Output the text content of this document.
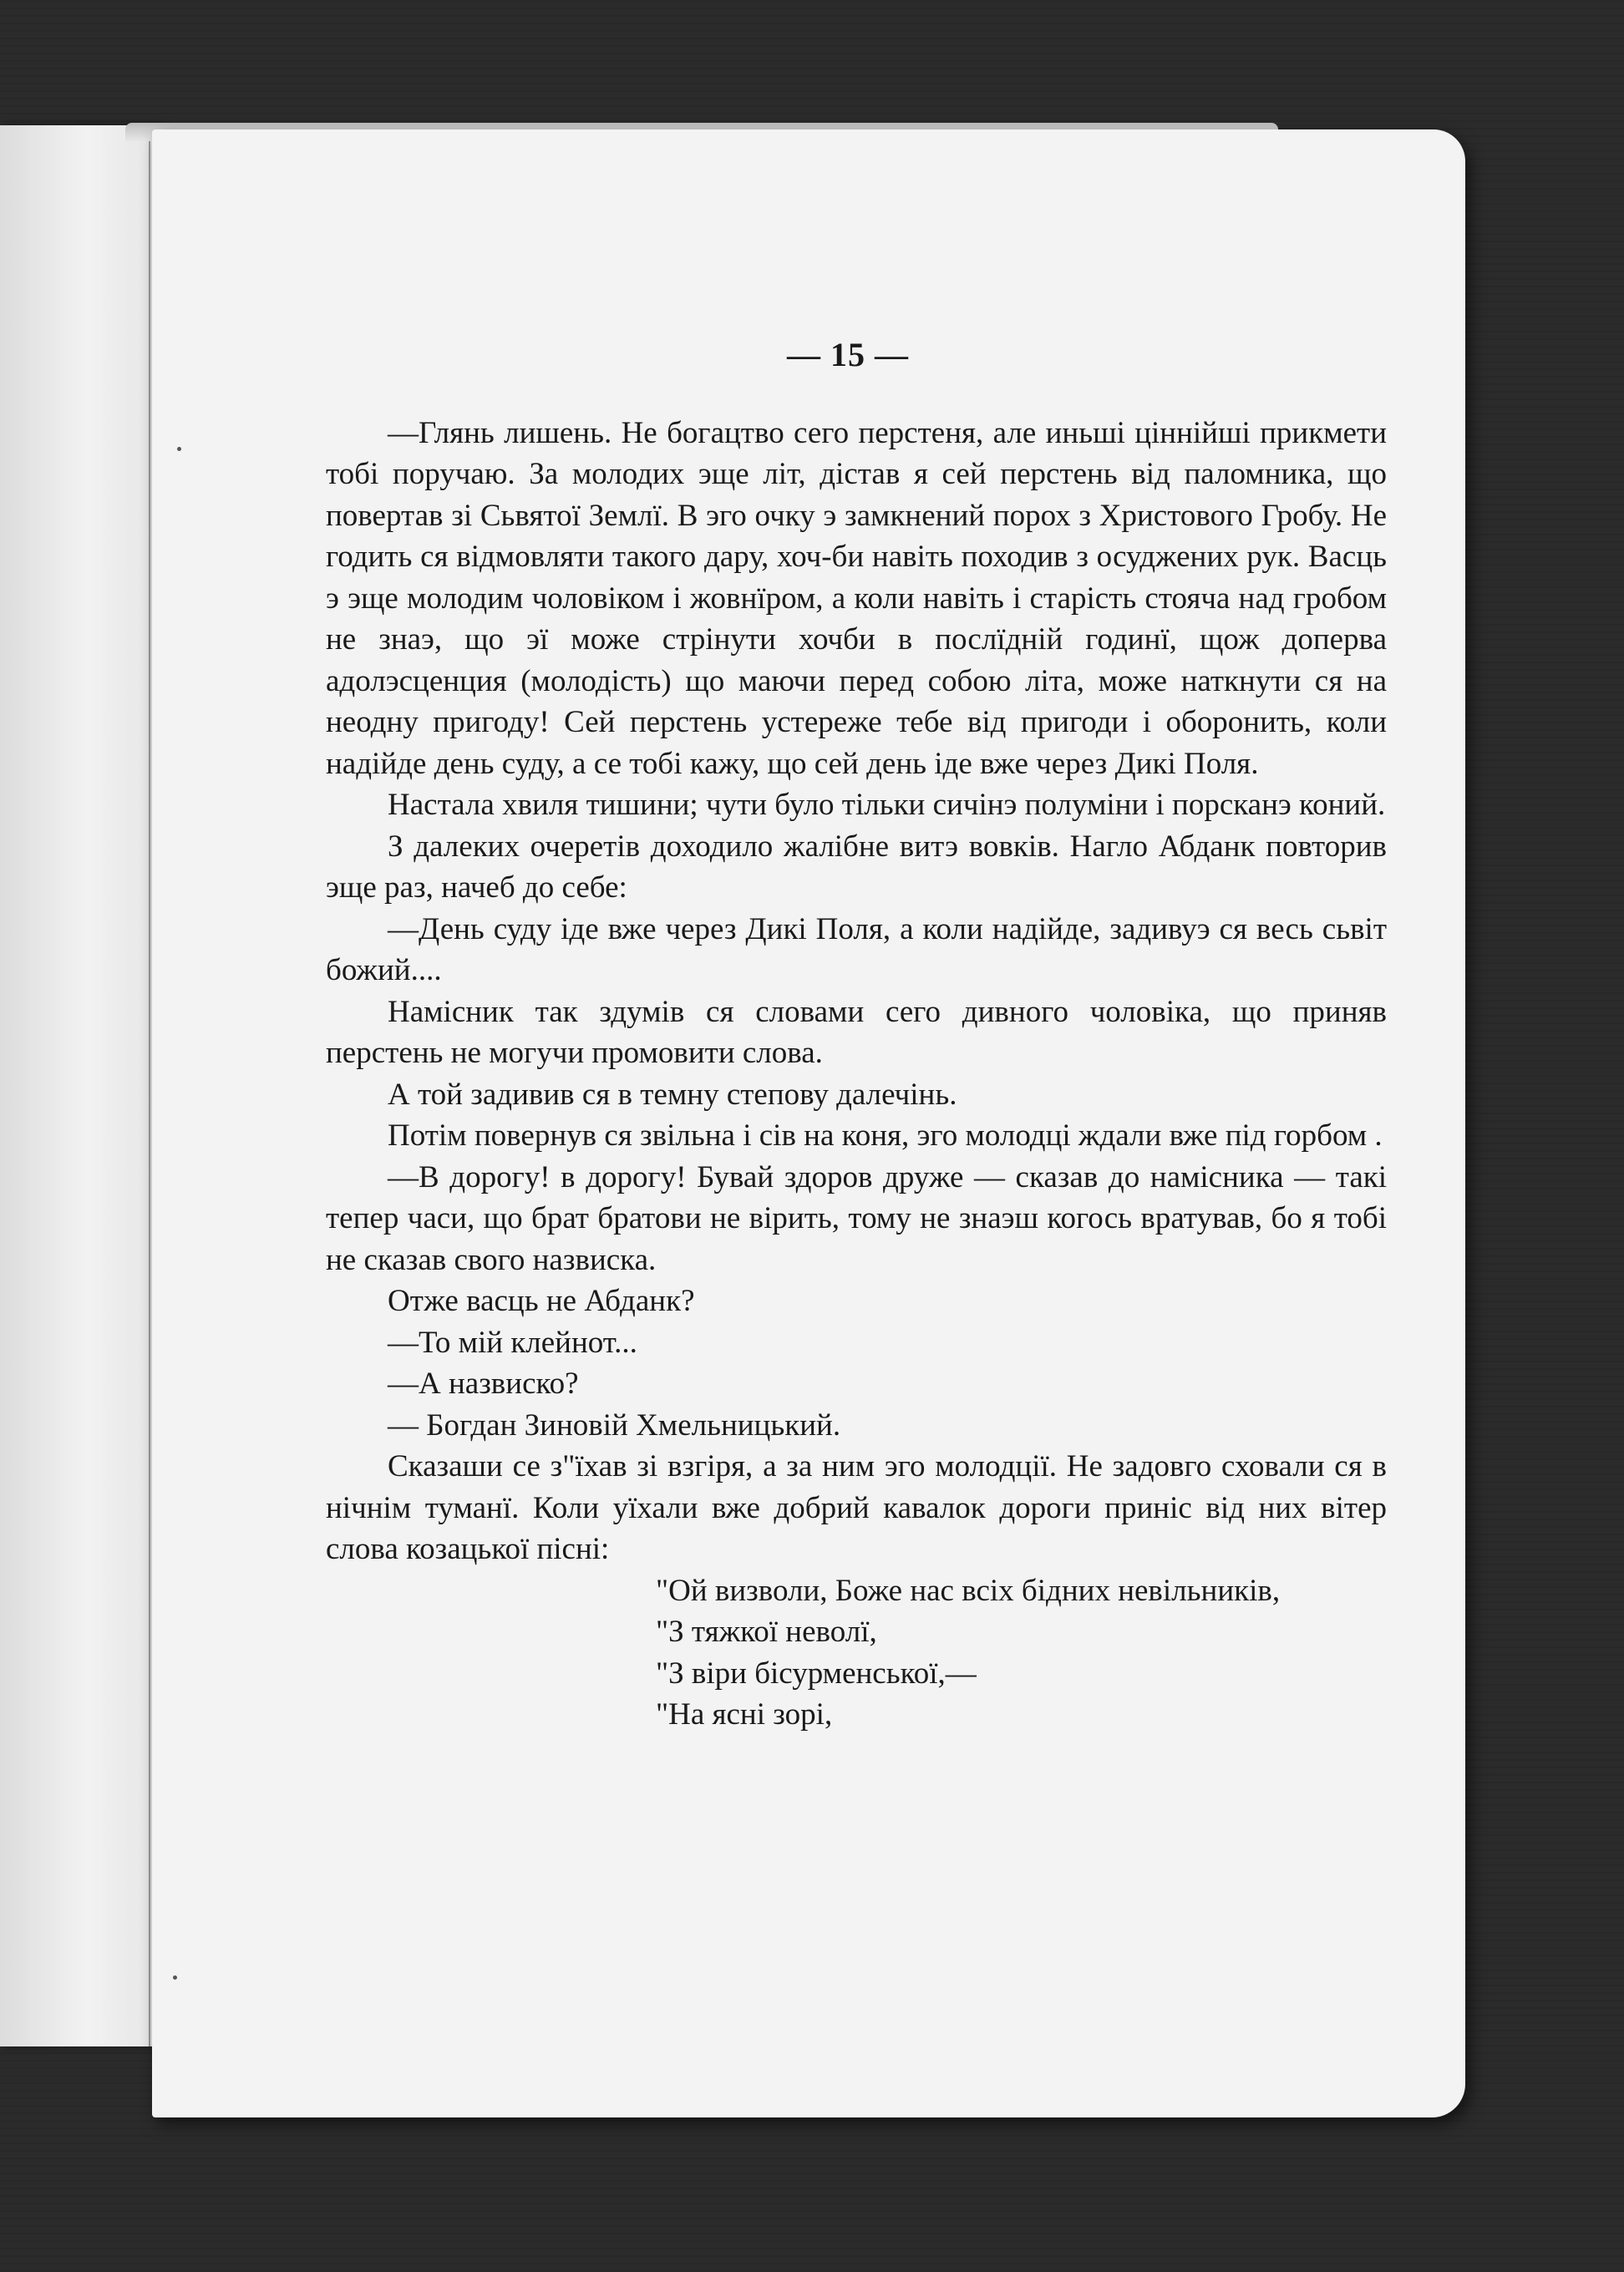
— 15 —

—Глянь лишень. Не богацтво сего перстеня, але иньші ціннійші прикмети тобі поручаю. За молодих эще літ, дістав я сей перстень від паломника, що повертав зі Сьвятої Землї. В эго очку э замкнений порох з Христового Гробу. Не годить ся відмовляти такого дару, хоч-би навіть походив з осуджених рук. Васць э эще молодим чоловіком і жовнїром, а коли навіть і старість стояча над гробом не знаэ, що эї може стрінути хочби в послїдній годинї, щож доперва адолэсценция (молодість) що маючи перед собою літа, може наткнути ся на неодну пригоду! Сей перстень устереже тебе від пригоди і оборонить, коли надійде день суду, а се тобі кажу, що сей день іде вже через Дикі Поля.

Настала хвиля тишини; чути було тільки сичінэ полуміни і порсканэ коний.

З далеких очеретів доходило жалібне витэ вовків. Нагло Абданк повторив эще раз, начеб до себе:

—День суду іде вже через Дикі Поля, а коли надійде, задивуэ ся весь сьвіт божий....

Намісник так здумів ся словами сего дивного чоловіка, що приняв перстень не могучи промовити слова.

А той задивив ся в темну степову далечінь.

Потім повернув ся звільна і сів на коня, эго молодці ждали вже під горбом .

—В дорогу! в дорогу! Бувай здоров друже — сказав до намісника — такі тепер часи, що брат братови не вірить, тому не знаэш когось вратував, бо я тобі не сказав свого назвиска.

Отже васць не Абданк?

—То мій клейнот...

—А назвиско?

— Богдан Зиновій Хмельницький.

Сказаши се з"їхав зі взгіря, а за ним эго молодції. Не задовго сховали ся в нічнім туманї. Коли уїхали вже добрий кавалок дороги приніс від них вітер слова козацької пісні:

"Ой визволи, Боже нас всіх бідних невільників,
"З тяжкої неволї,
"З віри бісурменської,—
"На ясні зорі,
